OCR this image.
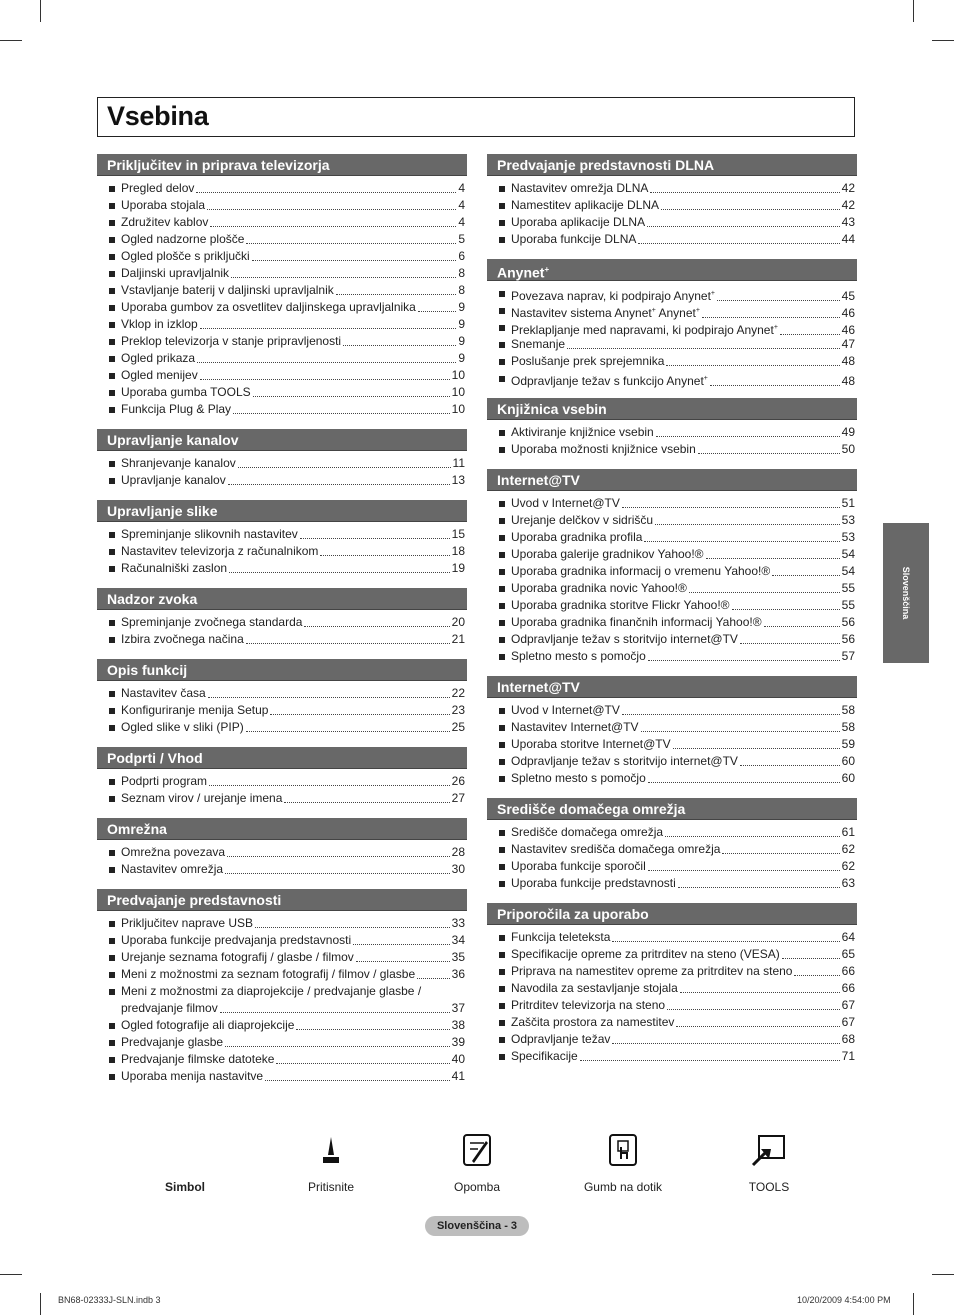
Vsebina
Priključitev in priprava televizorja
Pregled delov	4
Uporaba stojala	4
Združitev kablov	4
Ogled nadzorne plošče	5
Ogled plošče s priključki	6
Daljinski upravljalnik	8
Vstavljanje baterij v daljinski upravljalnik	8
Uporaba gumbov za osvetlitev daljinskega upravljalnika	9
Vklop in izklop	9
Preklop televizorja v stanje pripravljenosti	9
Ogled prikaza	9
Ogled menijev	10
Uporaba gumba TOOLS	10
Funkcija Plug & Play	10
Upravljanje kanalov
Shranjevanje kanalov	11
Upravljanje kanalov	13
Upravljanje slike
Spreminjanje slikovnih nastavitev	15
Nastavitev televizorja z računalnikom	18
Računalniški zaslon	19
Nadzor zvoka
Spreminjanje zvočnega standarda	20
Izbira zvočnega načina	21
Opis funkcij
Nastavitev časa	22
Konfiguriranje menija Setup	23
Ogled slike v sliki (PIP)	25
Podprti / Vhod
Podprti program	26
Seznam virov / urejanje imena	27
Omrežna
Omrežna povezava	28
Nastavitev omrežja	30
Predvajanje predstavnosti
Priključitev naprave USB	33
Uporaba funkcije predvajanja predstavnosti	34
Urejanje seznama fotografij / glasbe / filmov	35
Meni z možnostmi za seznam fotografij / filmov / glasbe	36
Meni z možnostmi za diaprojekcije / predvajanje glasbe /
predvajanje filmov	37
Ogled fotografije ali diaprojekcije	38
Predvajanje glasbe	39
Predvajanje filmske datoteke	40
Uporaba menija nastavitve	41
Predvajanje predstavnosti DLNA
Nastavitev omrežja DLNA	42
Namestitev aplikacije DLNA	42
Uporaba aplikacije DLNA	43
Uporaba funkcije DLNA	44
Anynet+
Povezava naprav, ki podpirajo Anynet+	45
Nastavitev sistema Anynet+ Anynet+	46
Preklapljanje med napravami, ki podpirajo Anynet+	46
Snemanje	47
Poslušanje prek sprejemnika	48
Odpravljanje težav s funkcijo Anynet+	48
Knjižnica vsebin
Aktiviranje knjižnice vsebin	49
Uporaba možnosti knjižnice vsebin	50
Internet@TV
Uvod v Internet@TV	51
Urejanje delčkov v sidrišču	53
Uporaba gradnika profila	53
Uporaba galerije gradnikov Yahoo!®	54
Uporaba gradnika informacij o vremenu Yahoo!®	54
Uporaba gradnika novic Yahoo!®	55
Uporaba gradnika storitve Flickr Yahoo!®	55
Uporaba gradnika finančnih informacij Yahoo!®	56
Odpravljanje težav s storitvijo internet@TV	56
Spletno mesto s pomočjo	57
Internet@TV
Uvod v Internet@TV	58
Nastavitev Internet@TV	58
Uporaba storitve Internet@TV	59
Odpravljanje težav s storitvijo internet@TV	60
Spletno mesto s pomočjo	60
Središče domačega omrežja
Središče domačega omrežja	61
Nastavitev središča domačega omrežja	62
Uporaba funkcije sporočil	62
Uporaba funkcije predstavnosti	63
Priporočila za uporabo
Funkcija teleteksta	64
Specifikacije opreme za pritrditev na steno (VESA)	65
Priprava na namestitev opreme za pritrditev na steno	66
Navodila za sestavljanje stojala	66
Pritrditev televizorja na steno	67
Zaščita prostora za namestitev	67
Odpravljanje težav	68
Specifikacije	71
Slovenščina
Simbol	Pritisnite	Opomba	Gumb na dotik	TOOLS
Slovenščina - 3
BN68-02333J-SLN.indb 3	10/20/2009 4:54:00 PM
